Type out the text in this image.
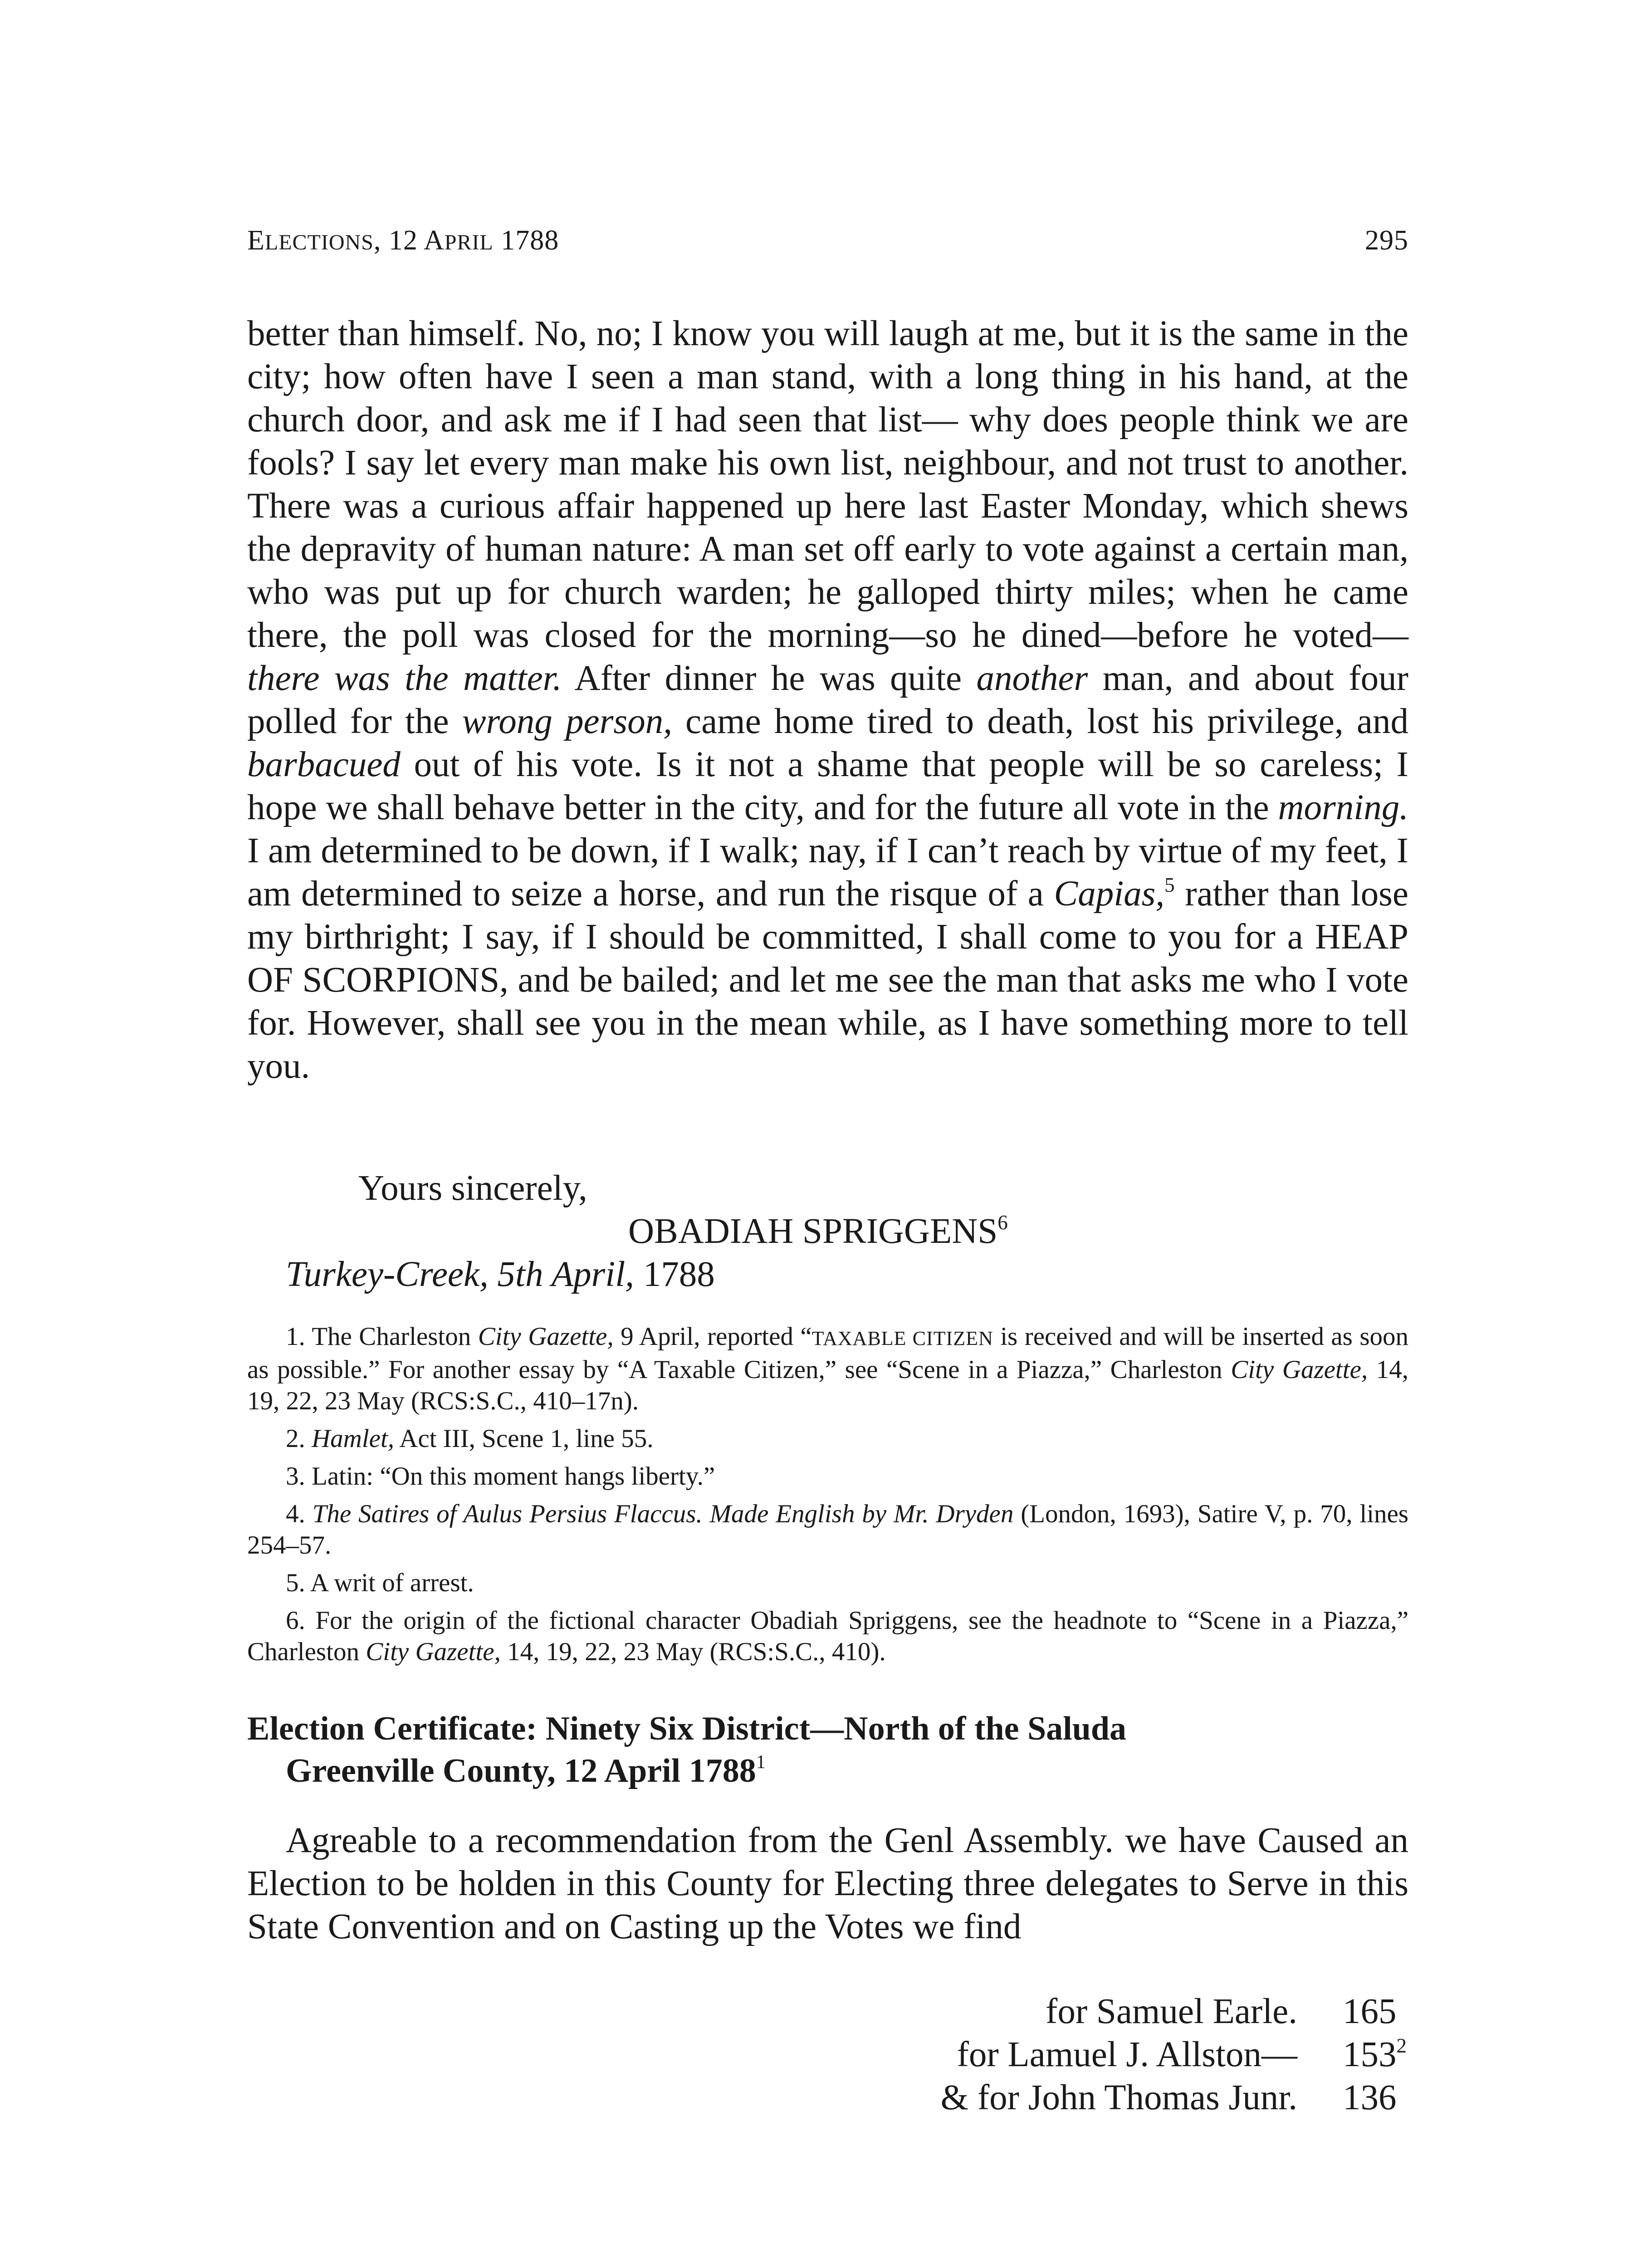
ELECTIONS, 12 APRIL 1788	295
better than himself. No, no; I know you will laugh at me, but it is the same in the city; how often have I seen a man stand, with a long thing in his hand, at the church door, and ask me if I had seen that list— why does people think we are fools? I say let every man make his own list, neighbour, and not trust to another. There was a curious affair happened up here last Easter Monday, which shews the depravity of human nature: A man set off early to vote against a certain man, who was put up for church warden; he galloped thirty miles; when he came there, the poll was closed for the morning—so he dined—before he voted—there was the matter. After dinner he was quite another man, and about four polled for the wrong person, came home tired to death, lost his privilege, and barbacued out of his vote. Is it not a shame that people will be so careless; I hope we shall behave better in the city, and for the future all vote in the morning. I am determined to be down, if I walk; nay, if I can’t reach by virtue of my feet, I am determined to seize a horse, and run the risque of a Capias,$^5$ rather than lose my birthright; I say, if I should be committed, I shall come to you for a HEAP OF SCORPIONS, and be bailed; and let me see the man that asks me who I vote for. However, shall see you in the mean while, as I have something more to tell you.
Yours sincerely,
OBADIAH SPRIGGENS$^6$
Turkey-Creek, 5th April, 1788

1. The Charleston City Gazette, 9 April, reported “TAXABLE CITIZEN is received and will be inserted as soon as possible.” For another essay by “A Taxable Citizen,” see “Scene in a Piazza,” Charleston City Gazette, 14, 19, 22, 23 May (RCS:S.C., 410–17n).

2. Hamlet, Act III, Scene 1, line 55.

3. Latin: “On this moment hangs liberty.”

4. The Satires of Aulus Persius Flaccus. Made English by Mr. Dryden (London, 1693), Satire V, p. 70, lines 254–57.

5. A writ of arrest.

6. For the origin of the fictional character Obadiah Spriggens, see the headnote to “Scene in a Piazza,” Charleston City Gazette, 14, 19, 22, 23 May (RCS:S.C., 410).

Election Certificate: Ninety Six District—North of the Saluda
Greenville County, 12 April 1788$^1$
Agreable to a recommendation from the Genl Assembly. we have Caused an Election to be holden in this County for Electing three delegates to Serve in this State Convention and on Casting up the Votes we find
for Samuel Earle. 165
for Lamuel J. Allston— $153^2$
& for John Thomas Junr. 136
